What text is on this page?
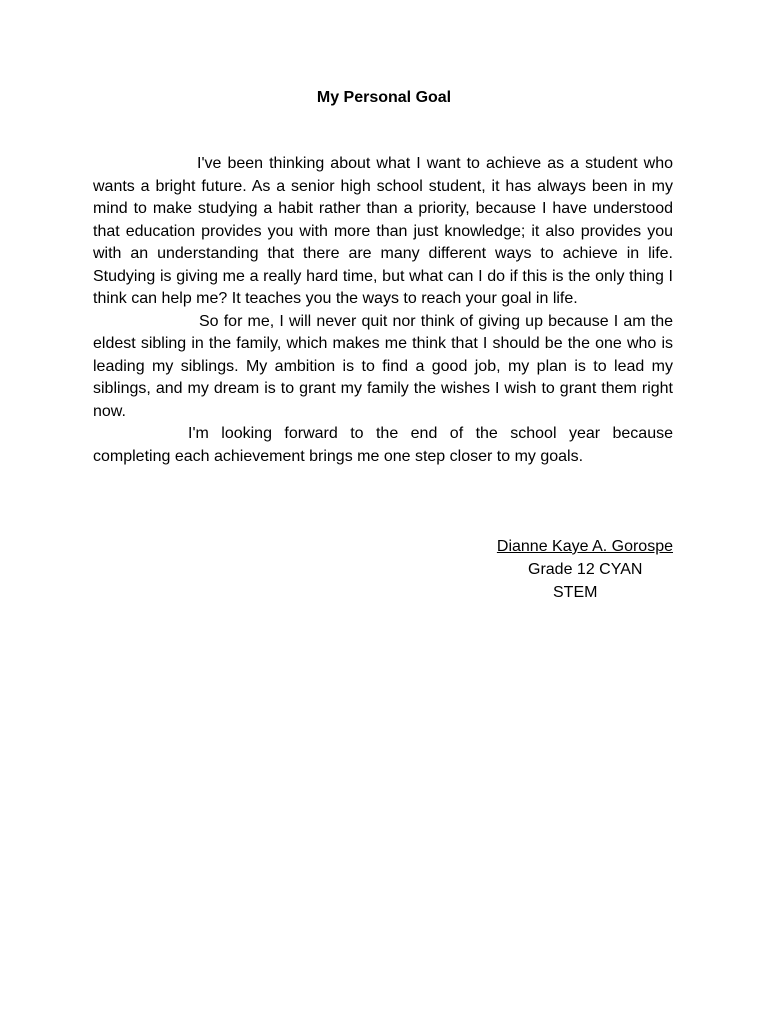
My Personal Goal

I've been thinking about what I want to achieve as a student who wants a bright future. As a senior high school student, it has always been in my mind to make studying a habit rather than a priority, because I have understood that education provides you with more than just knowledge; it also provides you with an understanding that there are many different ways to achieve in life. Studying is giving me a really hard time, but what can I do if this is the only thing I think can help me? It teaches you the ways to reach your goal in life.

So for me, I will never quit nor think of giving up because I am the eldest sibling in the family, which makes me think that I should be the one who is leading my siblings. My ambition is to find a good job, my plan is to lead my siblings, and my dream is to grant my family the wishes I wish to grant them right now.

I'm looking forward to the end of the school year because completing each achievement brings me one step closer to my goals.

Dianne Kaye A. Gorospe
Grade 12 CYAN
STEM
